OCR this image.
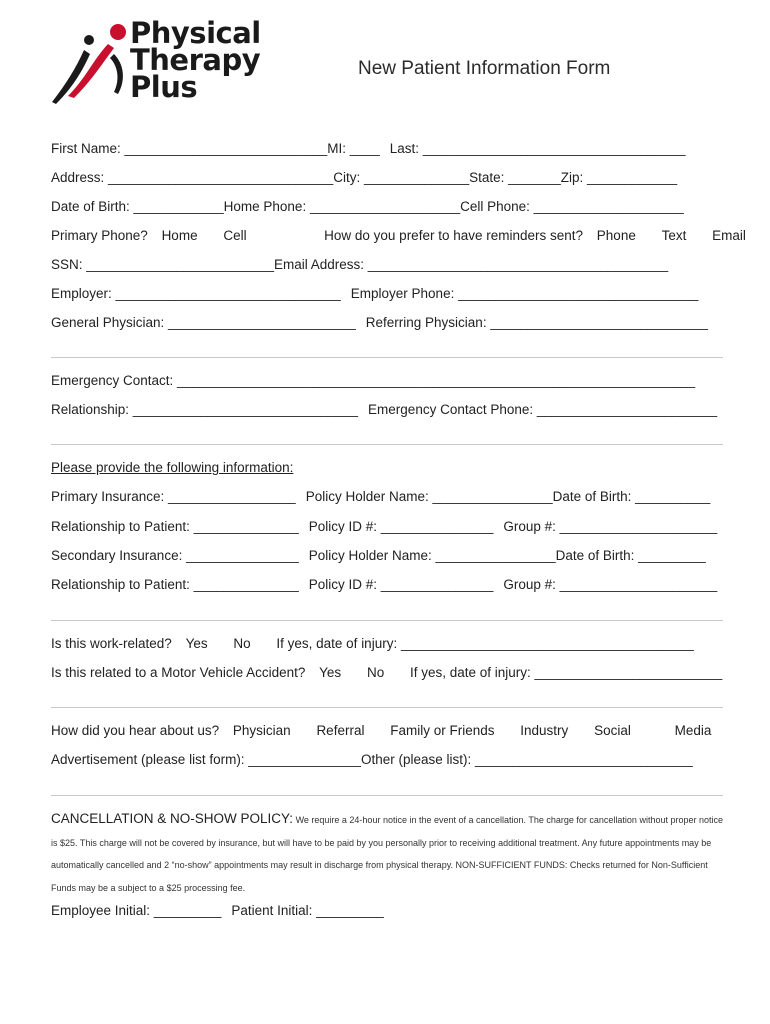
Physical
Therapy
Plus
New Patient Information Form
First Name: ___________________________MI: ____ Last: ___________________________________
Address: ______________________________City: ______________State: _______Zip: ____________
Date of Birth: ____________Home Phone: ____________________Cell Phone: ____________________
Primary Phone? Home Cell	How do you prefer to have reminders sent? Phone Text Email
SSN: _________________________Email Address: ________________________________________
Employer: ______________________________ Employer Phone: ________________________________
General Physician: _________________________ Referring Physician: _____________________________
Emergency Contact: _____________________________________________________________________
Relationship: ______________________________ Emergency Contact Phone: ________________________
Please provide the following information:
Primary Insurance: _________________ Policy Holder Name: ________________Date of Birth: __________
Relationship to Patient: ______________ Policy ID #: _______________ Group #: _____________________
Secondary Insurance: _______________ Policy Holder Name: ________________Date of Birth: _________
Relationship to Patient: ______________ Policy ID #: _______________ Group #: _____________________
Is this work-related? Yes No If yes, date of injury: _______________________________________
Is this related to a Motor Vehicle Accident? Yes No If yes, date of injury: _________________________
How did you hear about us? Physician Referral Family or Friends Industry Social	Media
Advertisement (please list form): _______________Other (please list): _____________________________
CANCELLATION & NO-SHOW POLICY: We require a 24-hour notice in the event of a cancellation. The charge for cancellation without proper notice is $25. This charge will not be covered by insurance, but will have to be paid by you personally prior to receiving additional treatment. Any future appointments may be automatically cancelled and 2 “no-show” appointments may result in discharge from physical therapy. NON-SUFFICIENT FUNDS: Checks returned for Non-Sufficient Funds may be a subject to a $25 processing fee.
Employee Initial: _________ Patient Initial: _________
